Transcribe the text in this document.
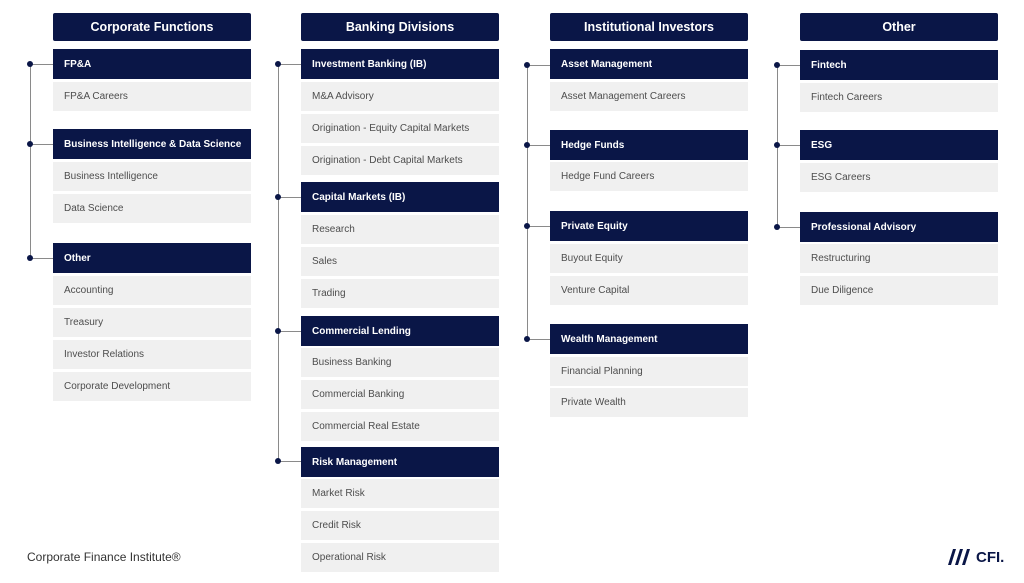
Corporate Functions
FP&A
FP&A Careers
Business Intelligence & Data Science
Business Intelligence
Data Science
Other
Accounting
Treasury
Investor Relations
Corporate Development
Banking Divisions
Investment Banking (IB)
M&A Advisory
Origination - Equity Capital Markets
Origination - Debt Capital Markets
Capital Markets (IB)
Research
Sales
Trading
Commercial Lending
Business Banking
Commercial Banking
Commercial Real Estate
Risk Management
Market Risk
Credit Risk
Operational Risk
Institutional Investors
Asset Management
Asset Management Careers
Hedge Funds
Hedge Fund Careers
Private Equity
Buyout Equity
Venture Capital
Wealth Management
Financial Planning
Private Wealth
Other
Fintech
Fintech Careers
ESG
ESG Careers
Professional Advisory
Restructuring
Due Diligence
Corporate Finance Institute®	CFI.
